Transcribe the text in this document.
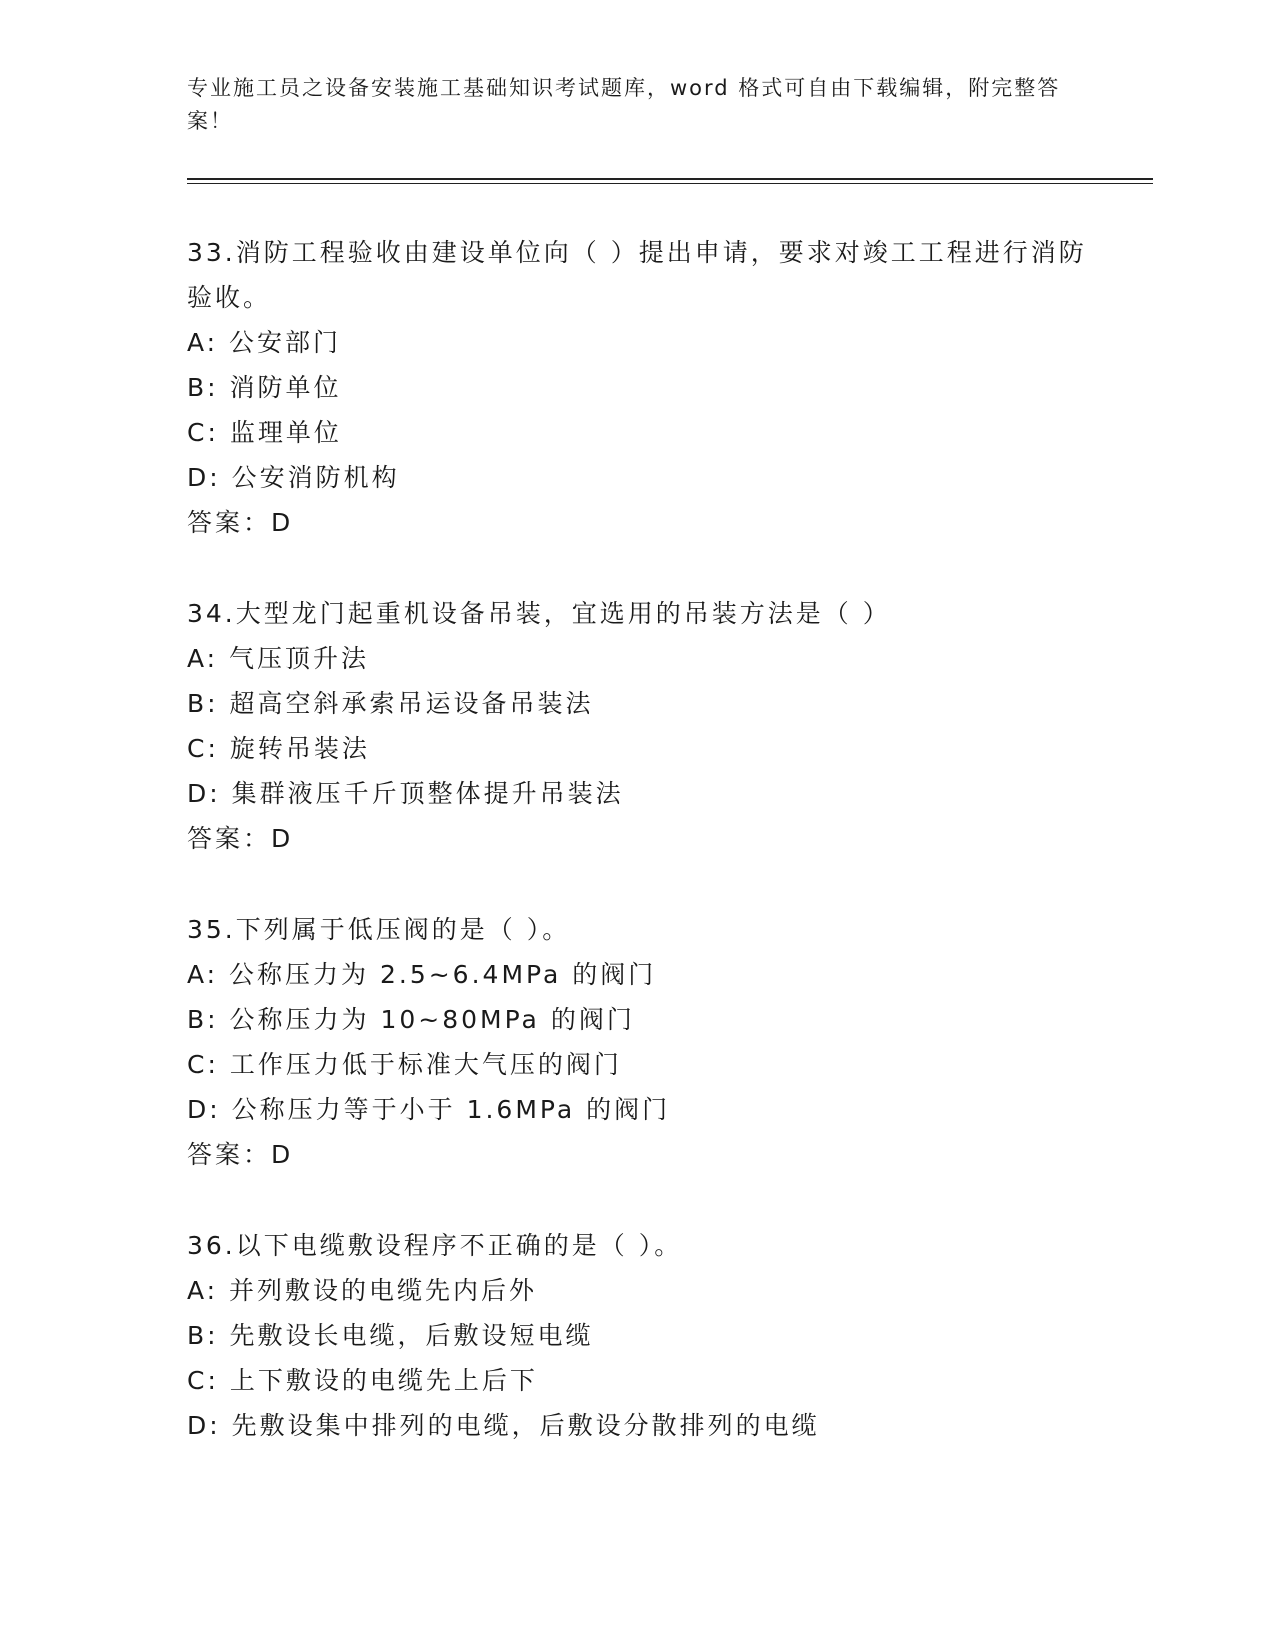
专业施工员之设备安装施工基础知识考试题库，word 格式可自由下载编辑，附完整答案！

33.消防工程验收由建设单位向（ ）提出申请，要求对竣工工程进行消防验收。

A: 公安部门

B: 消防单位

C: 监理单位

D: 公安消防机构

答案：D

34.大型龙门起重机设备吊装，宜选用的吊装方法是（ ）

A: 气压顶升法

B: 超高空斜承索吊运设备吊装法

C: 旋转吊装法

D: 集群液压千斤顶整体提升吊装法

答案：D

35.下列属于低压阀的是（ ）。

A: 公称压力为 2.5~6.4MPa 的阀门

B: 公称压力为 10~80MPa 的阀门

C: 工作压力低于标准大气压的阀门

D: 公称压力等于小于 1.6MPa 的阀门

答案：D

36.以下电缆敷设程序不正确的是（ ）。

A: 并列敷设的电缆先内后外

B: 先敷设长电缆，后敷设短电缆

C: 上下敷设的电缆先上后下

D: 先敷设集中排列的电缆，后敷设分散排列的电缆
